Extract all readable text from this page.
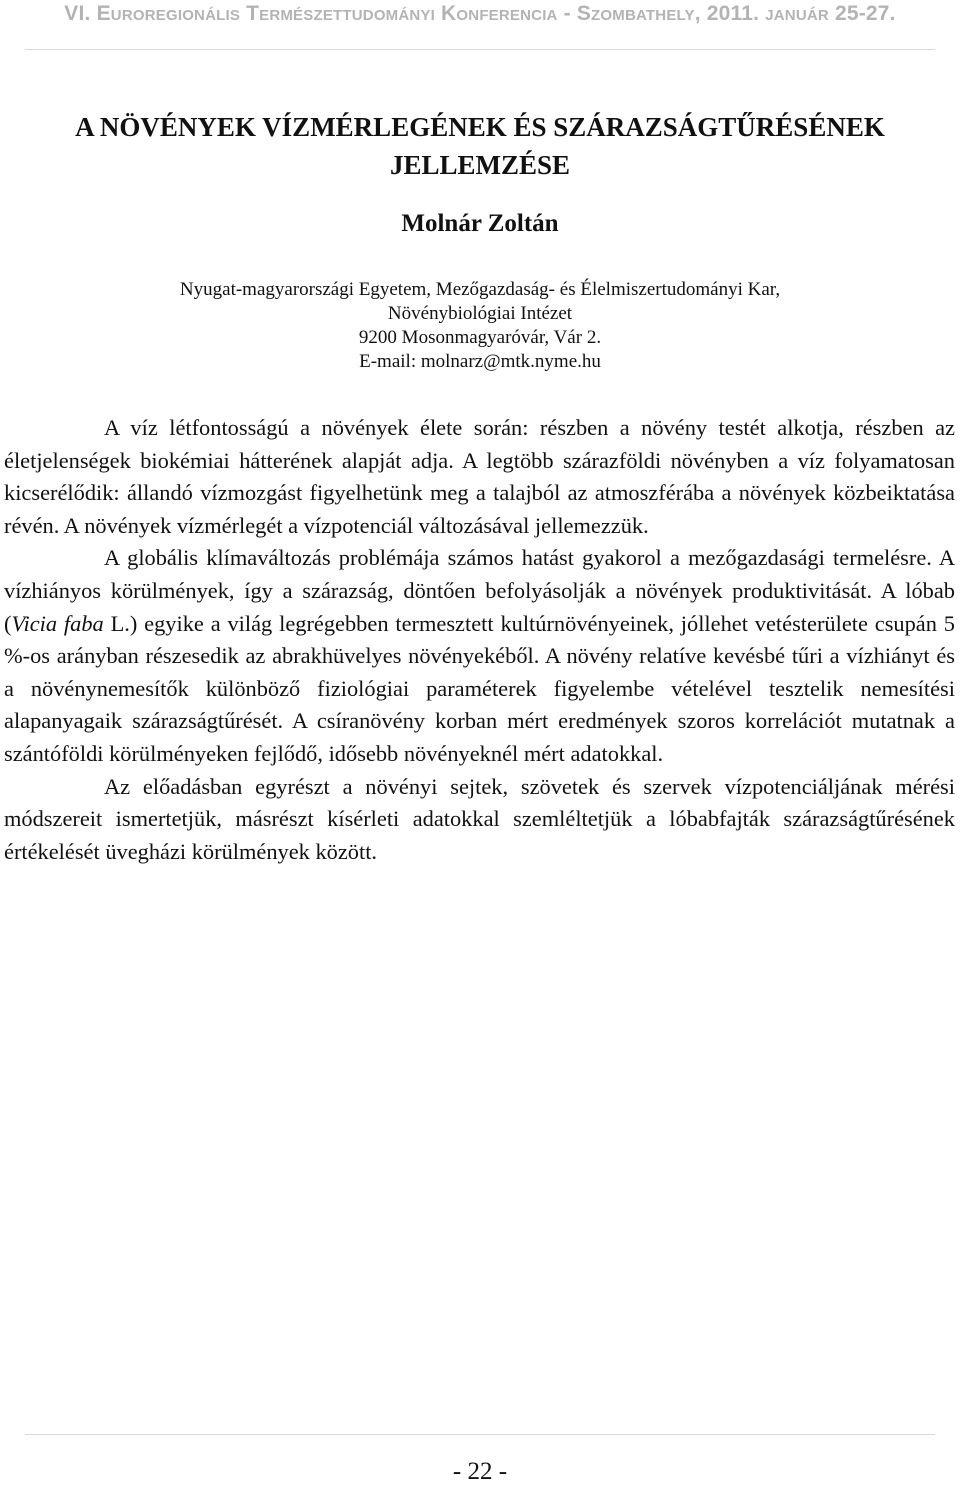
VI. Euroregionális Természettudományi Konferencia - Szombathely, 2011. január 25-27.
A NÖVÉNYEK VÍZMÉRLEGÉNEK ÉS SZÁRAZSÁGTŰRÉSÉNEK
JELLEMZÉSE
Molnár Zoltán
Nyugat-magyarországi Egyetem, Mezőgazdaság- és Élelmiszertudományi Kar,
Növénybiológiai Intézet
9200 Mosonmagyaróvár, Vár 2.
E-mail: molnarz@mtk.nyme.hu

A víz létfontosságú a növények élete során: részben a növény testét alkotja, részben az életjelenségek biokémiai hátterének alapját adja. A legtöbb szárazföldi növényben a víz folyamatosan kicserélődik: állandó vízmozgást figyelhetünk meg a talajból az atmoszférába a növények közbeiktatása révén. A növények vízmérlegét a vízpotenciál változásával jellemezzük.

A globális klímaváltozás problémája számos hatást gyakorol a mezőgazdasági termelésre. A vízhiányos körülmények, így a szárazság, döntően befolyásolják a növények produktivitását. A lóbab (Vicia faba L.) egyike a világ legrégebben termesztett kultúrnövényeinek, jóllehet vetésterülete csupán 5 %-os arányban részesedik az abrakhüvelyes növényekéből. A növény relatíve kevésbé tűri a vízhiányt és a növénynemesítők különböző fiziológiai paraméterek figyelembe vételével tesztelik nemesítési alapanyagaik szárazságtűrését. A csíranövény korban mért eredmények szoros korrelációt mutatnak a szántóföldi körülményeken fejlődő, idősebb növényeknél mért adatokkal.

Az előadásban egyrészt a növényi sejtek, szövetek és szervek vízpotenciáljának mérési módszereit ismertetjük, másrészt kísérleti adatokkal szemléltetjük a lóbabfajták szárazságtűrésének értékelését üvegházi körülmények között.

- 22 -
